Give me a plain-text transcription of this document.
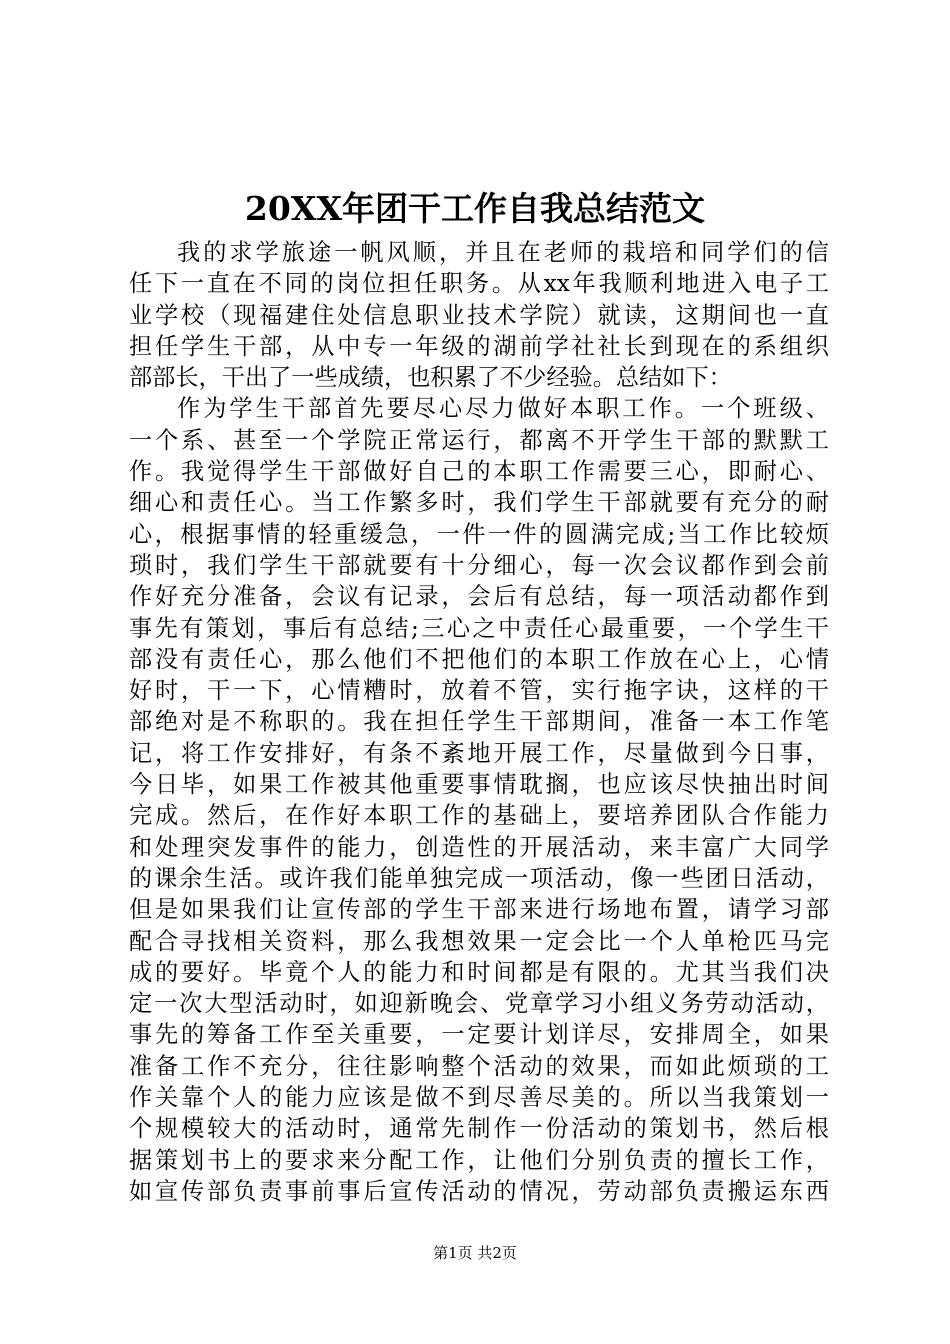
20XX年团干工作自我总结范文
我的求学旅途一帆风顺，并且在老师的栽培和同学们的信
任下一直在不同的岗位担任职务。从xx年我顺利地进入电子工
业学校（现福建住处信息职业技术学院）就读，这期间也一直
担任学生干部，从中专一年级的湖前学社社长到现在的系组织
部部长，干出了一些成绩，也积累了不少经验。总结如下：
作为学生干部首先要尽心尽力做好本职工作。一个班级、
一个系、甚至一个学院正常运行，都离不开学生干部的默默工
作。我觉得学生干部做好自己的本职工作需要三心，即耐心、
细心和责任心。当工作繁多时，我们学生干部就要有充分的耐
心，根据事情的轻重缓急，一件一件的圆满完成;当工作比较烦
琐时，我们学生干部就要有十分细心，每一次会议都作到会前
作好充分准备，会议有记录，会后有总结，每一项活动都作到
事先有策划，事后有总结;三心之中责任心最重要，一个学生干
部没有责任心，那么他们不把他们的本职工作放在心上，心情
好时，干一下，心情糟时，放着不管，实行拖字诀，这样的干
部绝对是不称职的。我在担任学生干部期间，准备一本工作笔
记，将工作安排好，有条不紊地开展工作，尽量做到今日事，
今日毕，如果工作被其他重要事情耽搁，也应该尽快抽出时间
完成。然后，在作好本职工作的基础上，要培养团队合作能力
和处理突发事件的能力，创造性的开展活动，来丰富广大同学
的课余生活。或许我们能单独完成一项活动，像一些团日活动，
但是如果我们让宣传部的学生干部来进行场地布置，请学习部
配合寻找相关资料，那么我想效果一定会比一个人单枪匹马完
成的要好。毕竟个人的能力和时间都是有限的。尤其当我们决
定一次大型活动时，如迎新晚会、党章学习小组义务劳动活动，
事先的筹备工作至关重要，一定要计划详尽，安排周全，如果
准备工作不充分，往往影响整个活动的效果，而如此烦琐的工
作关靠个人的能力应该是做不到尽善尽美的。所以当我策划一
个规模较大的活动时，通常先制作一份活动的策划书，然后根
据策划书上的要求来分配工作，让他们分别负责的擅长工作，
如宣传部负责事前事后宣传活动的情况，劳动部负责搬运东西
第1页 共2页
